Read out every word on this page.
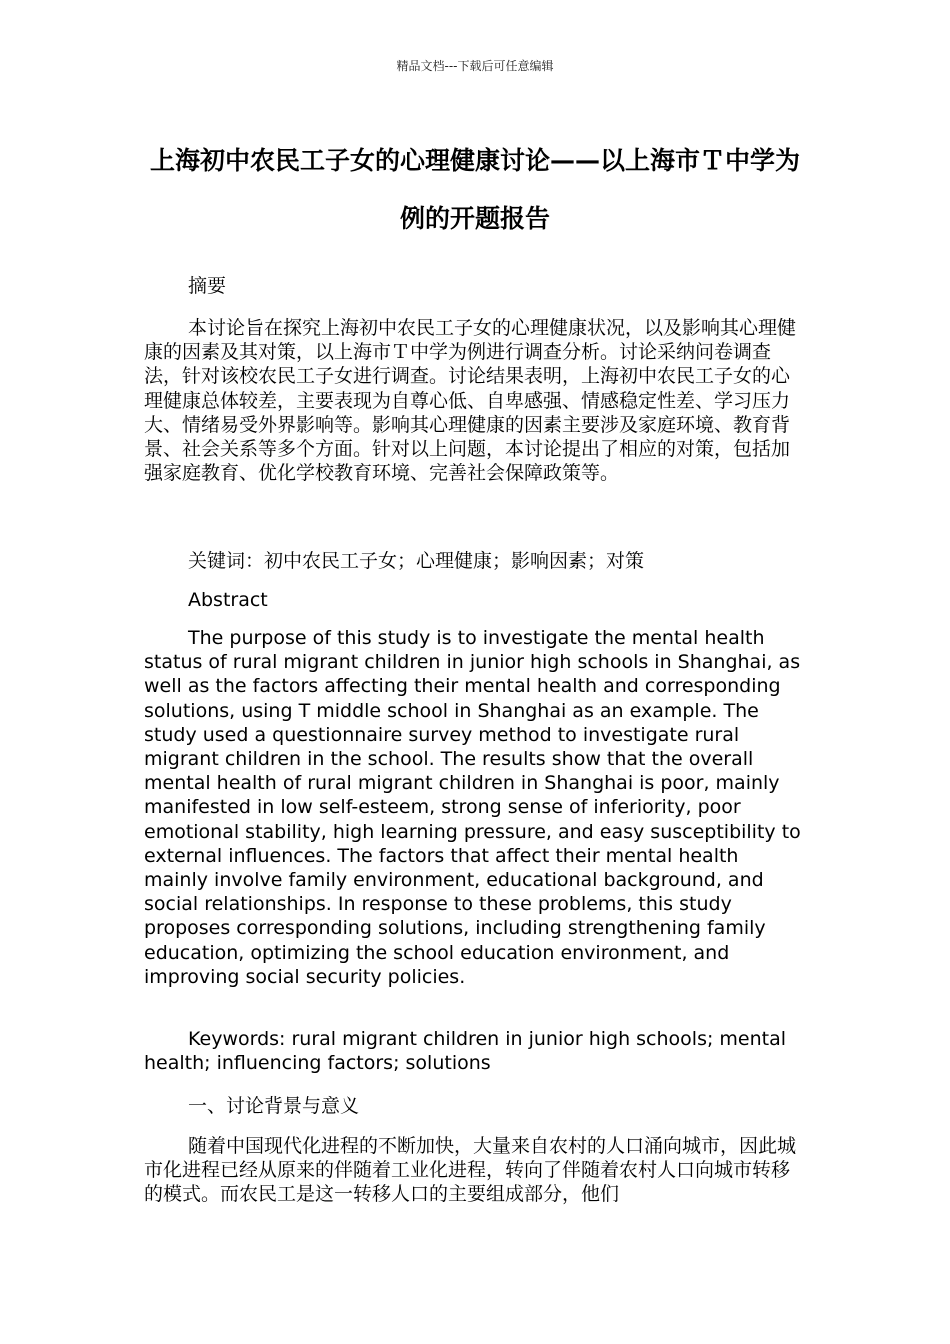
精品文档---下载后可任意编辑
上海初中农民工子女的心理健康讨论——以上海市Ｔ中学为例的开题报告

摘要

本讨论旨在探究上海初中农民工子女的心理健康状况，以及影响其心理健康的因素及其对策，以上海市Ｔ中学为例进行调查分析。讨论采纳问卷调查法，针对该校农民工子女进行调查。讨论结果表明，上海初中农民工子女的心理健康总体较差，主要表现为自尊心低、自卑感强、情感稳定性差、学习压力大、情绪易受外界影响等。影响其心理健康的因素主要涉及家庭环境、教育背景、社会关系等多个方面。针对以上问题，本讨论提出了相应的对策，包括加强家庭教育、优化学校教育环境、完善社会保障政策等。

关键词：初中农民工子女；心理健康；影响因素；对策

Abstract

The purpose of this study is to investigate the mental health status of rural migrant children in junior high schools in Shanghai, as well as the factors affecting their mental health and corresponding solutions, using T middle school in Shanghai as an example. The study used a questionnaire survey method to investigate rural migrant children in the school. The results show that the overall mental health of rural migrant children in Shanghai is poor, mainly manifested in low self-esteem, strong sense of inferiority, poor emotional stability, high learning pressure, and easy susceptibility to external influences. The factors that affect their mental health mainly involve family environment, educational background, and social relationships. In response to these problems, this study proposes corresponding solutions, including strengthening family education, optimizing the school education environment, and improving social security policies.

Keywords: rural migrant children in junior high schools; mental health; influencing factors; solutions

一、讨论背景与意义

随着中国现代化进程的不断加快，大量来自农村的人口涌向城市，因此城市化进程已经从原来的伴随着工业化进程，转向了伴随着农村人口向城市转移的模式。而农民工是这一转移人口的主要组成部分，他们
